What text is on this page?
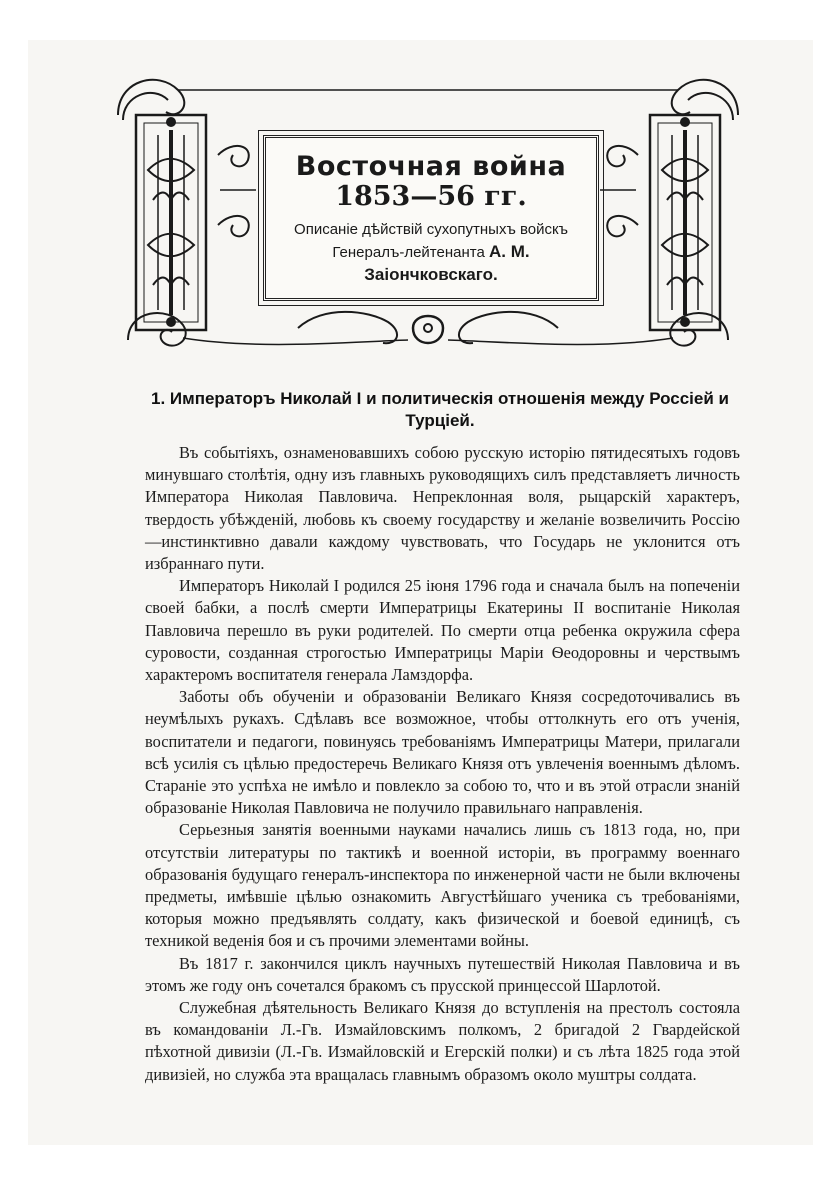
Восточная война
1853—56 гг.
Описаніе дѣйствій сухопутныхъ войскъ
Генералъ-лейтенанта А. М. Заіончковскаго.
1. Императоръ Николай I и политическія отношенія между Россіей и Турціей.

Въ событіяхъ, ознаменовавшихъ собою русскую исторію пятидесятыхъ годовъ минувшаго столѣтія, одну изъ главныхъ руководящихъ силъ представляетъ личность Императора Николая Павловича. Непреклонная воля, рыцарскій характеръ, твердость убѣжденій, любовь къ своему государству и желаніе возвеличить Россію—инстинктивно давали каждому чувствовать, что Государь не уклонится отъ избраннаго пути.

Императоръ Николай I родился 25 іюня 1796 года и сначала былъ на попеченіи своей бабки, а послѣ смерти Императрицы Екатерины II воспитаніе Николая Павловича перешло въ руки родителей. По смерти отца ребенка окружила сфера суровости, созданная строгостью Императрицы Маріи Ѳеодоровны и черствымъ характеромъ воспитателя генерала Ламздорфа.

Заботы объ обученіи и образованіи Великаго Князя сосредоточивались въ неумѣлыхъ рукахъ. Сдѣлавъ все возможное, чтобы оттолкнуть его отъ ученія, воспитатели и педагоги, повинуясь требованіямъ Императрицы Матери, прилагали всѣ усилія съ цѣлью предостеречь Великаго Князя отъ увлеченія военнымъ дѣломъ. Стараніе это успѣха не имѣло и повлекло за собою то, что и въ этой отрасли знаній образованіе Николая Павловича не получило правильнаго направленія.

Серьезныя занятія военными науками начались лишь съ 1813 года, но, при отсутствіи литературы по тактикѣ и военной исторіи, въ программу военнаго образованія будущаго генералъ-инспектора по инженерной части не были включены предметы, имѣвшіе цѣлью ознакомить Августѣйшаго ученика съ требованіями, которыя можно предъявлять солдату, какъ физической и боевой единицѣ, съ техникой веденія боя и съ прочими элементами войны.

Въ 1817 г. закончился циклъ научныхъ путешествій Николая Павловича и въ этомъ же году онъ сочетался бракомъ съ прусской принцессой Шарлотой.

Служебная дѣятельность Великаго Князя до вступленія на престолъ состояла въ командованіи Л.-Гв. Измайловскимъ полкомъ, 2 бригадой 2 Гвардейской пѣхотной дивизіи (Л.-Гв. Измайловскій и Егерскій полки) и съ лѣта 1825 года этой дивизіей, но служба эта вращалась главнымъ образомъ около муштры солдата.
